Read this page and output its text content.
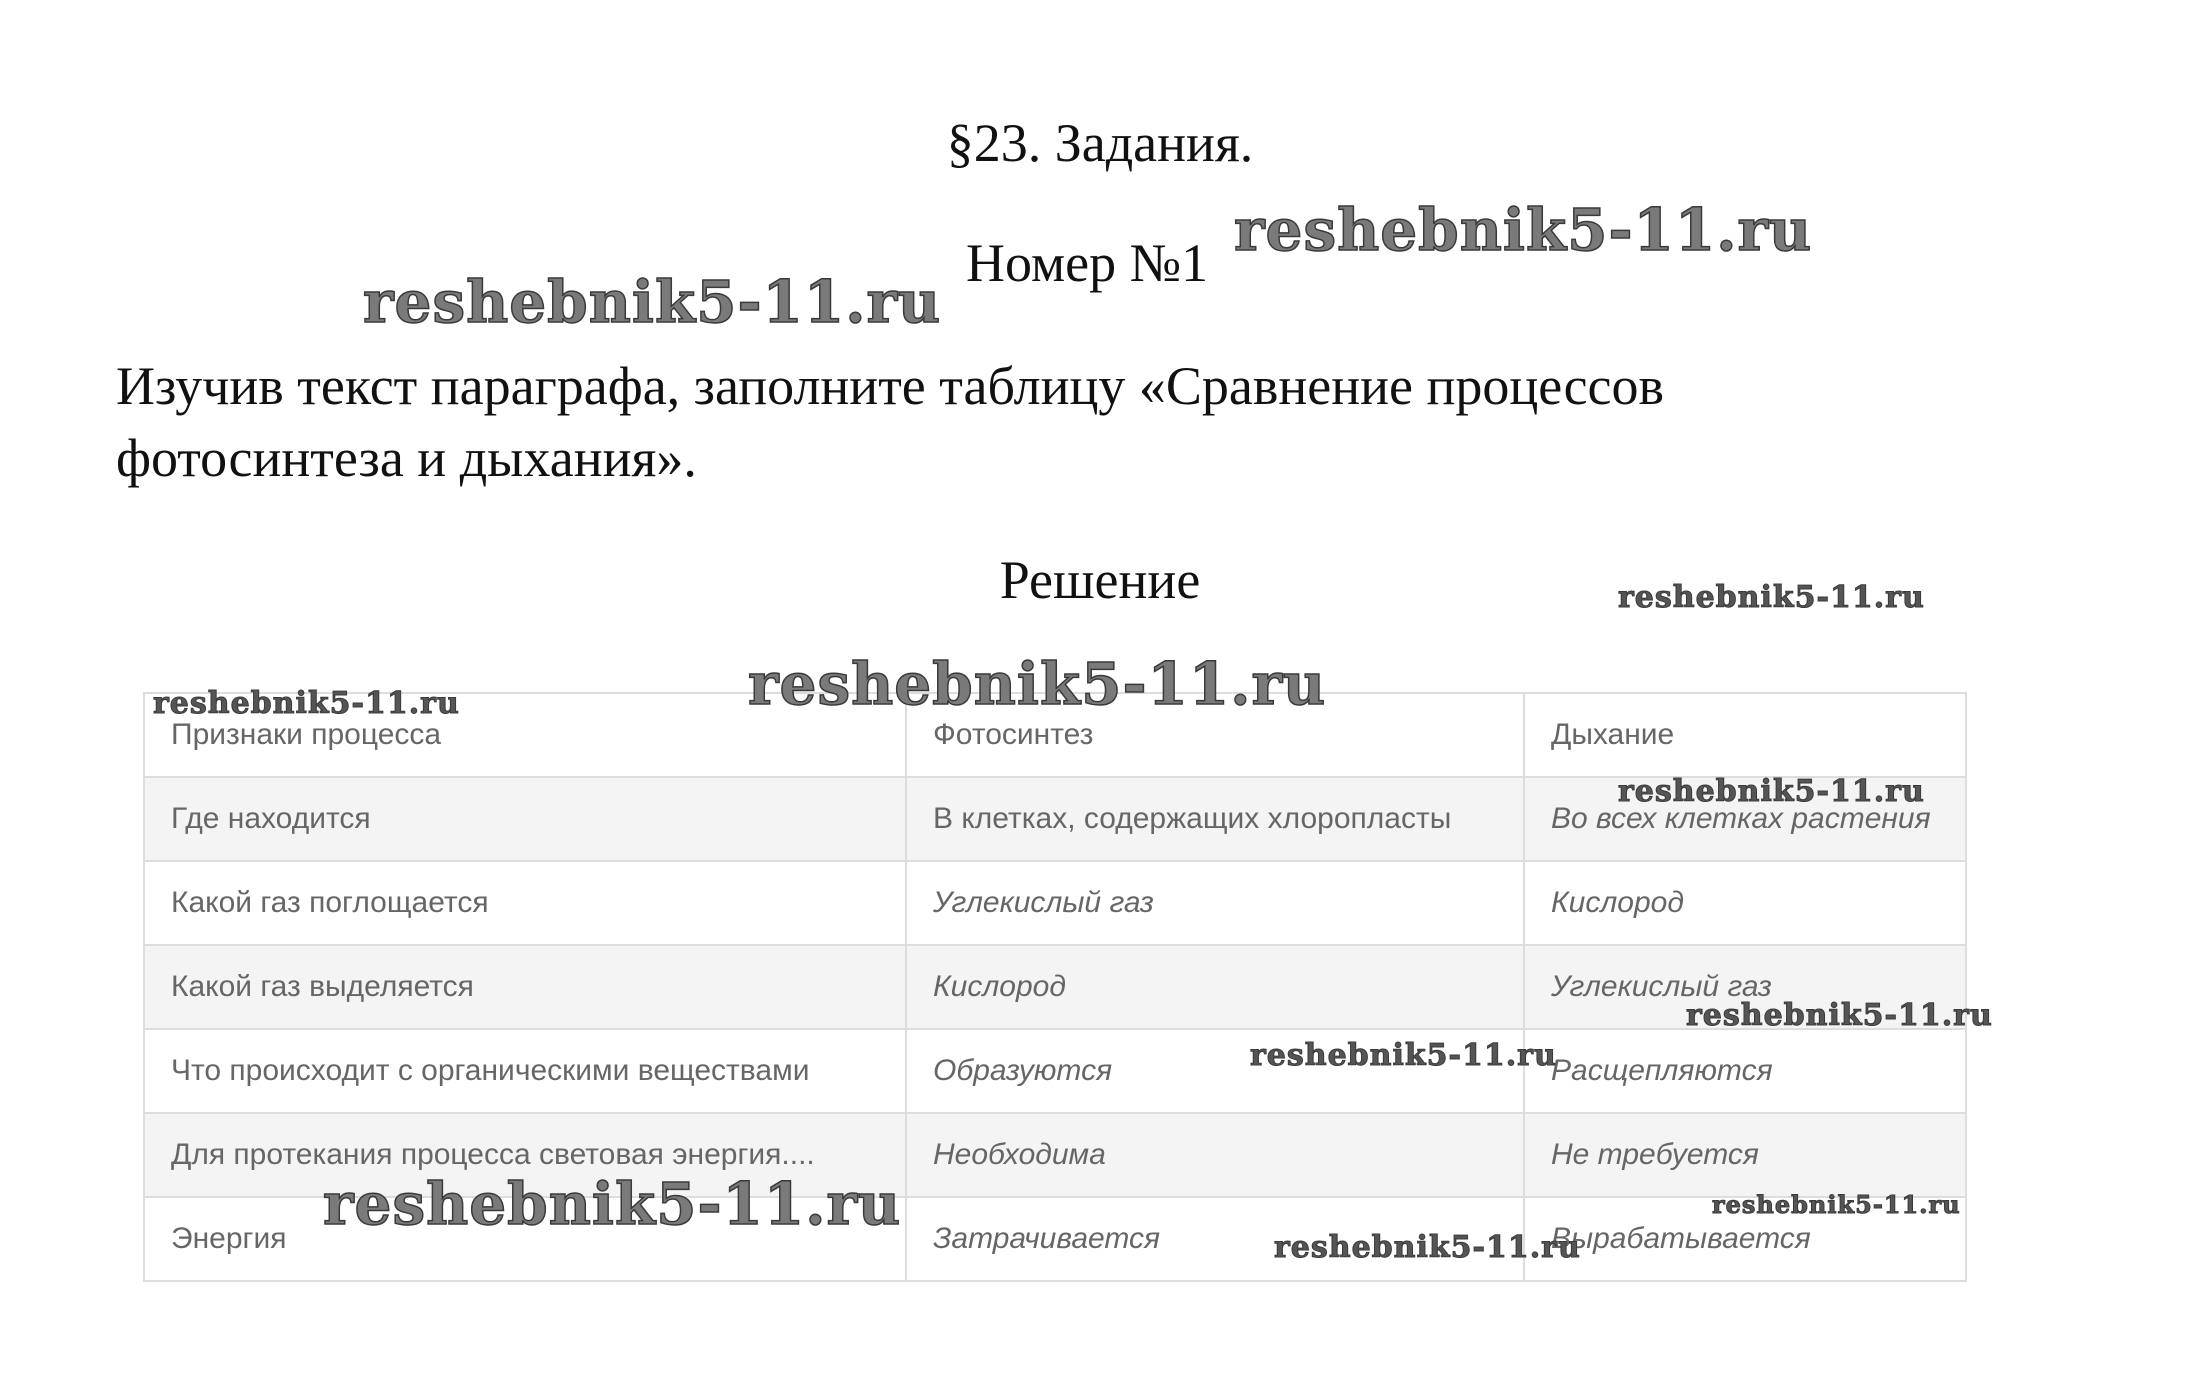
§23. Задания.
Номер №1
Изучив текст параграфа, заполните таблицу «Сравнение процессов
фотосинтеза и дыхания».
Решение
Признаки процесса	Фотосинтез	Дыхание
Где находится	В клетках, содержащих хлоропласты	Во всех клетках растения
Какой газ поглощается	Углекислый газ	Кислород
Какой газ выделяется	Кислород	Углекислый газ
Что происходит с органическими веществами	Образуются	Расщепляются
Для протекания процесса световая энергия....	Необходима	Не требуется
Энергия	Затрачивается	Вырабатывается
reshebnik5-11.ru
reshebnik5-11.ru
reshebnik5-11.ru
reshebnik5-11.ru
reshebnik5-11.ru
reshebnik5-11.ru
reshebnik5-11.ru
reshebnik5-11.ru
reshebnik5-11.ru	reshebnik5-11.ru
reshebnik5-11.ru
